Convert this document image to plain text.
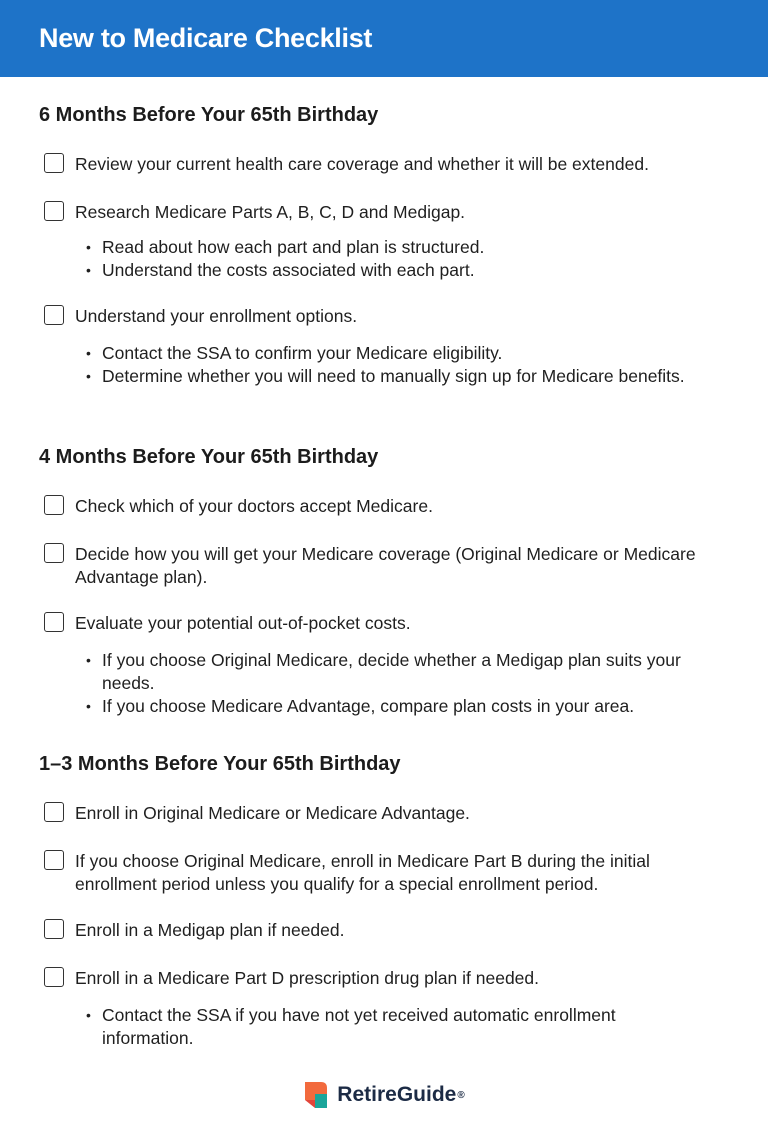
New to Medicare Checklist
6 Months Before Your 65th Birthday
Review your current health care coverage and whether it will be extended.
Research Medicare Parts A, B, C, D and Medigap.
• Read about how each part and plan is structured.
• Understand the costs associated with each part.
Understand your enrollment options.
• Contact the SSA to confirm your Medicare eligibility.
• Determine whether you will need to manually sign up for Medicare benefits.
4 Months Before Your 65th Birthday
Check which of your doctors accept Medicare.
Decide how you will get your Medicare coverage (Original Medicare or Medicare Advantage plan).
Evaluate your potential out-of-pocket costs.
• If you choose Original Medicare, decide whether a Medigap plan suits your needs.
• If you choose Medicare Advantage, compare plan costs in your area.
1–3 Months Before Your 65th Birthday
Enroll in Original Medicare or Medicare Advantage.
If you choose Original Medicare, enroll in Medicare Part B during the initial enrollment period unless you qualify for a special enrollment period.
Enroll in a Medigap plan if needed.
Enroll in a Medicare Part D prescription drug plan if needed.
• Contact the SSA if you have not yet received automatic enrollment information.
RetireGuide ®
